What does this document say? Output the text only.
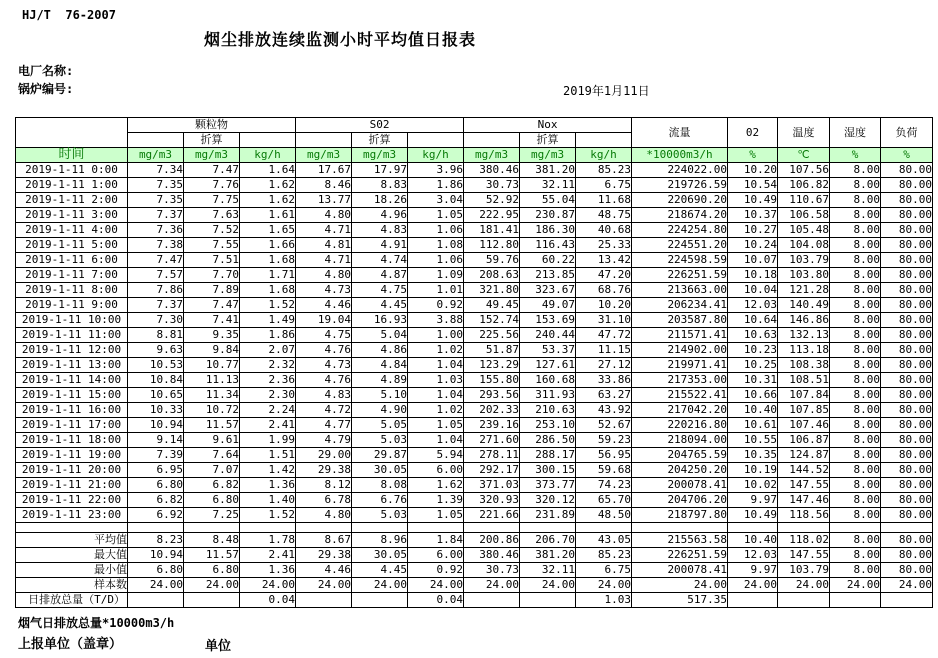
HJ/T  76-2007
烟尘排放连续监测小时平均值日报表
电厂名称:
锅炉编号:	2019年1月11日
	颗粒物			S02			Nox			流量	02	温度	湿度	负荷
		折算			折算			折算						
时间	mg/m3	mg/m3	kg/h	mg/m3	mg/m3	kg/h	mg/m3	mg/m3	kg/h	*10000m3/h	%	℃	%	%
2019-1-11 0:00	7.34	7.47	1.64	17.67	17.97	3.96	380.46	381.20	85.23	224022.00	10.20	107.56	8.00	80.00
2019-1-11 1:00	7.35	7.76	1.62	8.46	8.83	1.86	30.73	32.11	6.75	219726.59	10.54	106.82	8.00	80.00
2019-1-11 2:00	7.35	7.75	1.62	13.77	18.26	3.04	52.92	55.04	11.68	220690.20	10.49	110.67	8.00	80.00
2019-1-11 3:00	7.37	7.63	1.61	4.80	4.96	1.05	222.95	230.87	48.75	218674.20	10.37	106.58	8.00	80.00
2019-1-11 4:00	7.36	7.52	1.65	4.71	4.83	1.06	181.41	186.30	40.68	224254.80	10.27	105.48	8.00	80.00
2019-1-11 5:00	7.38	7.55	1.66	4.81	4.91	1.08	112.80	116.43	25.33	224551.20	10.24	104.08	8.00	80.00
2019-1-11 6:00	7.47	7.51	1.68	4.71	4.74	1.06	59.76	60.22	13.42	224598.59	10.07	103.79	8.00	80.00
2019-1-11 7:00	7.57	7.70	1.71	4.80	4.87	1.09	208.63	213.85	47.20	226251.59	10.18	103.80	8.00	80.00
2019-1-11 8:00	7.86	7.89	1.68	4.73	4.75	1.01	321.80	323.67	68.76	213663.00	10.04	121.28	8.00	80.00
2019-1-11 9:00	7.37	7.47	1.52	4.46	4.45	0.92	49.45	49.07	10.20	206234.41	12.03	140.49	8.00	80.00
2019-1-11 10:00	7.30	7.41	1.49	19.04	16.93	3.88	152.74	153.69	31.10	203587.80	10.64	146.86	8.00	80.00
2019-1-11 11:00	8.81	9.35	1.86	4.75	5.04	1.00	225.56	240.44	47.72	211571.41	10.63	132.13	8.00	80.00
2019-1-11 12:00	9.63	9.84	2.07	4.76	4.86	1.02	51.87	53.37	11.15	214902.00	10.23	113.18	8.00	80.00
2019-1-11 13:00	10.53	10.77	2.32	4.73	4.84	1.04	123.29	127.61	27.12	219971.41	10.25	108.38	8.00	80.00
2019-1-11 14:00	10.84	11.13	2.36	4.76	4.89	1.03	155.80	160.68	33.86	217353.00	10.31	108.51	8.00	80.00
2019-1-11 15:00	10.65	11.34	2.30	4.83	5.10	1.04	293.56	311.93	63.27	215522.41	10.66	107.84	8.00	80.00
2019-1-11 16:00	10.33	10.72	2.24	4.72	4.90	1.02	202.33	210.63	43.92	217042.20	10.40	107.85	8.00	80.00
2019-1-11 17:00	10.94	11.57	2.41	4.77	5.05	1.05	239.16	253.10	52.67	220216.80	10.61	107.46	8.00	80.00
2019-1-11 18:00	9.14	9.61	1.99	4.79	5.03	1.04	271.60	286.50	59.23	218094.00	10.55	106.87	8.00	80.00
2019-1-11 19:00	7.39	7.64	1.51	29.00	29.87	5.94	278.11	288.17	56.95	204765.59	10.35	124.87	8.00	80.00
2019-1-11 20:00	6.95	7.07	1.42	29.38	30.05	6.00	292.17	300.15	59.68	204250.20	10.19	144.52	8.00	80.00
2019-1-11 21:00	6.80	6.82	1.36	8.12	8.08	1.62	371.03	373.77	74.23	200078.41	10.02	147.55	8.00	80.00
2019-1-11 22:00	6.82	6.80	1.40	6.78	6.76	1.39	320.93	320.12	65.70	204706.20	9.97	147.46	8.00	80.00
2019-1-11 23:00	6.92	7.25	1.52	4.80	5.03	1.05	221.66	231.89	48.50	218797.80	10.49	118.56	8.00	80.00

平均值	8.23	8.48	1.78	8.67	8.96	1.84	200.86	206.70	43.05	215563.58	10.40	118.02	8.00	80.00
最大值	10.94	11.57	2.41	29.38	30.05	6.00	380.46	381.20	85.23	226251.59	12.03	147.55	8.00	80.00
最小值	6.80	6.80	1.36	4.46	4.45	0.92	30.73	32.11	6.75	200078.41	9.97	103.79	8.00	80.00
样本数	24.00	24.00	24.00	24.00	24.00	24.00	24.00	24.00	24.00	24.00	24.00	24.00	24.00	24.00

日排放总量（T/D）			0.04			0.04			1.03	517.35				
烟气日排放总量*10000m3/h
上报单位（盖章）	单位
